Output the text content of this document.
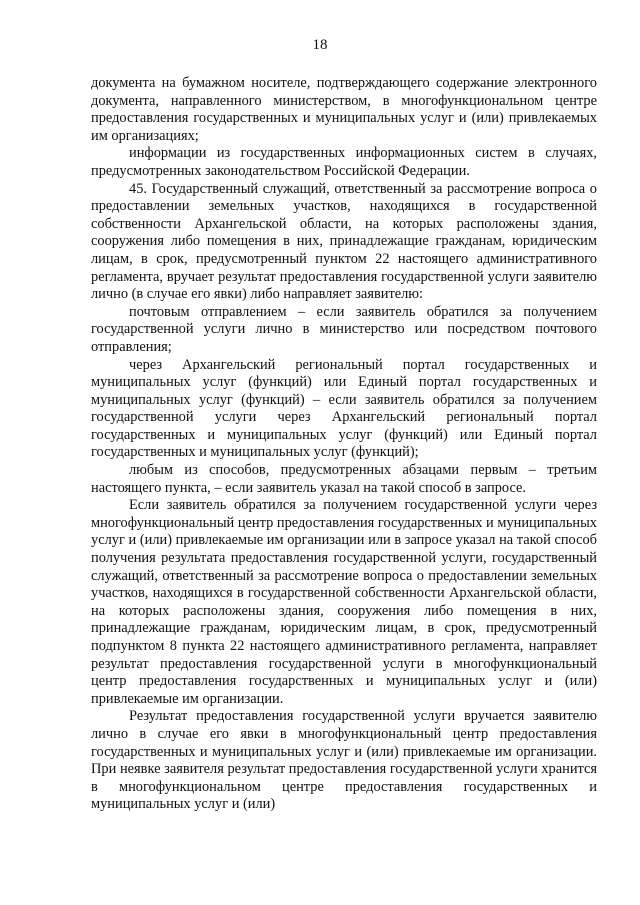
18

документа на бумажном носителе, подтверждающего содержание электронного документа, направленного министерством, в многофункциональном центре предоставления государственных и муниципальных услуг и (или) привлекаемых им организациях;

информации из государственных информационных систем в случаях, предусмотренных законодательством Российской Федерации.

45. Государственный служащий, ответственный за рассмотрение вопроса о предоставлении земельных участков, находящихся в государственной собственности Архангельской области, на которых расположены здания, сооружения либо помещения в них, принадлежащие гражданам, юридическим лицам, в срок, предусмотренный пунктом 22 настоящего административного регламента, вручает результат предоставления государственной услуги заявителю лично (в случае его явки) либо направляет заявителю:

почтовым отправлением – если заявитель обратился за получением государственной услуги лично в министерство или посредством почтового отправления;

через Архангельский региональный портал государственных и муниципальных услуг (функций) или Единый портал государственных и муниципальных услуг (функций) – если заявитель обратился за получением государственной услуги через Архангельский региональный портал государственных и муниципальных услуг (функций) или Единый портал государственных и муниципальных услуг (функций);

любым из способов, предусмотренных абзацами первым – третьим настоящего пункта, – если заявитель указал на такой способ в запросе.

Если заявитель обратился за получением государственной услуги через многофункциональный центр предоставления государственных и муниципальных услуг и (или) привлекаемые им организации или в запросе указал на такой способ получения результата предоставления государственной услуги, государственный служащий, ответственный за рассмотрение вопроса о предоставлении земельных участков, находящихся в государственной собственности Архангельской области, на которых расположены здания, сооружения либо помещения в них, принадлежащие гражданам, юридическим лицам, в срок, предусмотренный подпунктом 8 пункта 22 настоящего административного регламента, направляет результат предоставления государственной услуги в многофункциональный центр предоставления государственных и муниципальных услуг и (или) привлекаемые им организации.

Результат предоставления государственной услуги вручается заявителю лично в случае его явки в многофункциональный центр предоставления государственных и муниципальных услуг и (или) привлекаемые им организации. При неявке заявителя результат предоставления государственной услуги хранится в многофункциональном центре предоставления государственных и муниципальных услуг и (или)
